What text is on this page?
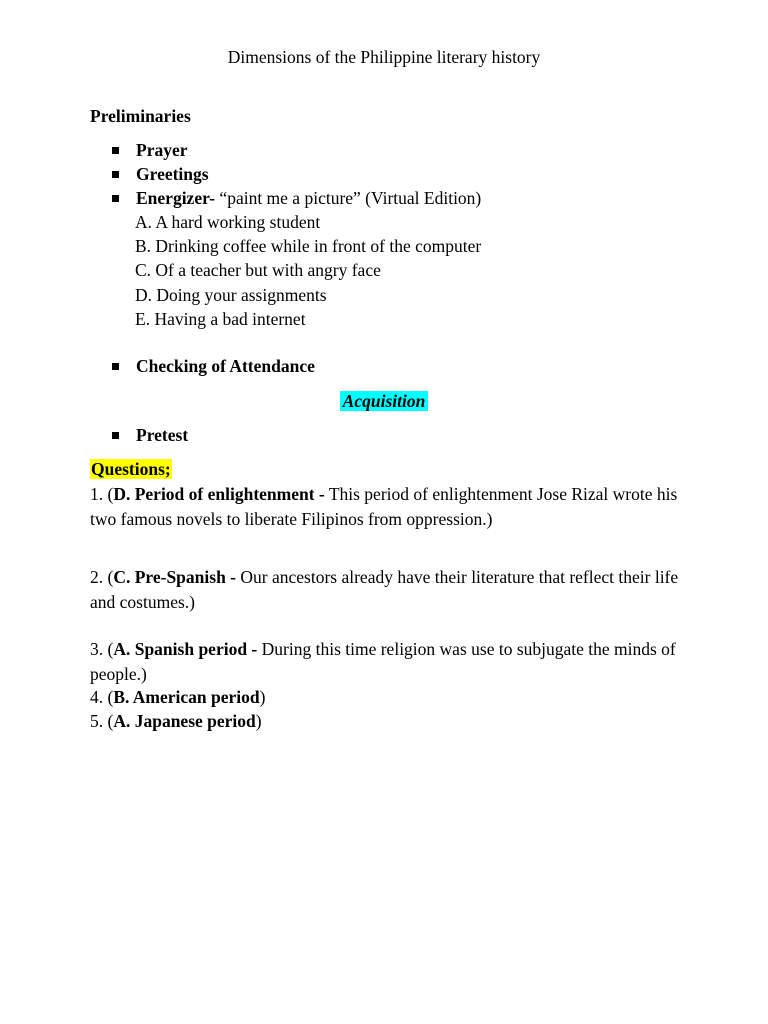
Dimensions of the Philippine literary history
Preliminaries
Prayer
Greetings
Energizer- “paint me a picture” (Virtual Edition)
A. A hard working student
B. Drinking coffee while in front of the computer
C. Of a teacher but with angry face
D. Doing your assignments
E. Having a bad internet
Checking of Attendance
Acquisition
Pretest
Questions;
1. (D. Period of enlightenment - This period of enlightenment Jose Rizal wrote his two famous novels to liberate Filipinos from oppression.)
2. (C. Pre-Spanish - Our ancestors already have their literature that reflect their life and costumes.)
3. (A. Spanish period - During this time religion was use to subjugate the minds of people.)
4. (B. American period)
5. (A. Japanese period)
